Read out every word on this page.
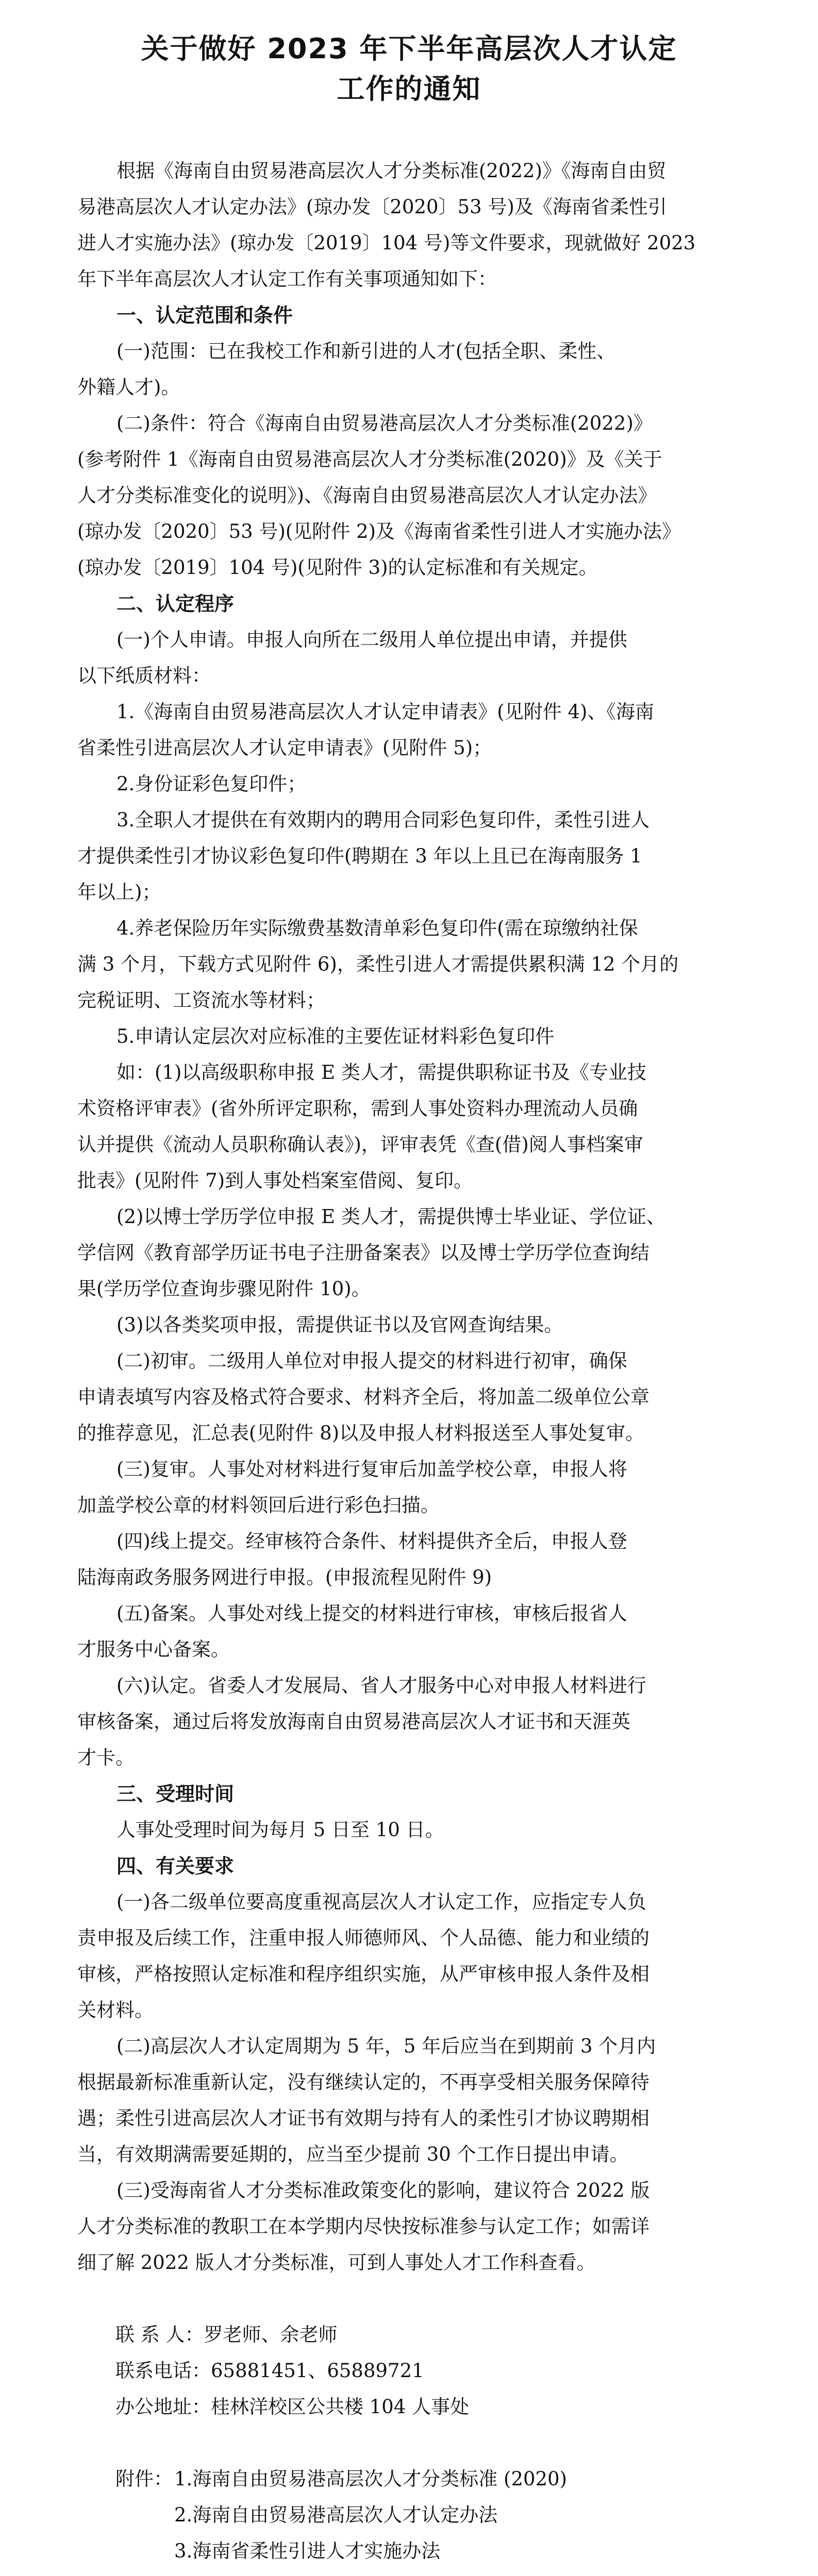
关于做好 2023 年下半年高层次人才认定
工作的通知
根据《海南自由贸易港高层次人才分类标准(2022)》《海南自由贸
易港高层次人才认定办法》(琼办发〔2020〕53 号)及《海南省柔性引
进人才实施办法》(琼办发〔2019〕104 号)等文件要求，现就做好 2023
年下半年高层次人才认定工作有关事项通知如下：
一、认定范围和条件
(一)范围：已在我校工作和新引进的人才(包括全职、柔性、
外籍人才)。
(二)条件：符合《海南自由贸易港高层次人才分类标准(2022)》
(参考附件 1《海南自由贸易港高层次人才分类标准(2020)》及《关于
人才分类标准变化的说明》)、《海南自由贸易港高层次人才认定办法》
(琼办发〔2020〕53 号)(见附件 2)及《海南省柔性引进人才实施办法》
(琼办发〔2019〕104 号)(见附件 3)的认定标准和有关规定。
二、认定程序
(一)个人申请。申报人向所在二级用人单位提出申请，并提供
以下纸质材料：
1.《海南自由贸易港高层次人才认定申请表》(见附件 4)、《海南
省柔性引进高层次人才认定申请表》(见附件 5)；
2.身份证彩色复印件；
3.全职人才提供在有效期内的聘用合同彩色复印件，柔性引进人
才提供柔性引才协议彩色复印件(聘期在 3 年以上且已在海南服务 1
年以上)；
4.养老保险历年实际缴费基数清单彩色复印件(需在琼缴纳社保
满 3 个月，下载方式见附件 6)，柔性引进人才需提供累积满 12 个月的
完税证明、工资流水等材料；
5.申请认定层次对应标准的主要佐证材料彩色复印件
如：(1)以高级职称申报 E 类人才，需提供职称证书及《专业技
术资格评审表》(省外所评定职称，需到人事处资料办理流动人员确
认并提供《流动人员职称确认表》)，评审表凭《查(借)阅人事档案审
批表》(见附件 7)到人事处档案室借阅、复印。
(2)以博士学历学位申报 E 类人才，需提供博士毕业证、学位证、
学信网《教育部学历证书电子注册备案表》以及博士学历学位查询结
果(学历学位查询步骤见附件 10)。
(3)以各类奖项申报，需提供证书以及官网查询结果。
(二)初审。二级用人单位对申报人提交的材料进行初审，确保
申请表填写内容及格式符合要求、材料齐全后，将加盖二级单位公章
的推荐意见，汇总表(见附件 8)以及申报人材料报送至人事处复审。
(三)复审。人事处对材料进行复审后加盖学校公章，申报人将
加盖学校公章的材料领回后进行彩色扫描。
(四)线上提交。经审核符合条件、材料提供齐全后，申报人登
陆海南政务服务网进行申报。(申报流程见附件 9)
(五)备案。人事处对线上提交的材料进行审核，审核后报省人
才服务中心备案。
(六)认定。省委人才发展局、省人才服务中心对申报人材料进行
审核备案，通过后将发放海南自由贸易港高层次人才证书和天涯英
才卡。
三、受理时间
人事处受理时间为每月 5 日至 10 日。
四、有关要求
(一)各二级单位要高度重视高层次人才认定工作，应指定专人负
责申报及后续工作，注重申报人师德师风、个人品德、能力和业绩的
审核，严格按照认定标准和程序组织实施，从严审核申报人条件及相
关材料。
(二)高层次人才认定周期为 5 年，5 年后应当在到期前 3 个月内
根据最新标准重新认定，没有继续认定的，不再享受相关服务保障待
遇；柔性引进高层次人才证书有效期与持有人的柔性引才协议聘期相
当，有效期满需要延期的，应当至少提前 30 个工作日提出申请。
(三)受海南省人才分类标准政策变化的影响，建议符合 2022 版
人才分类标准的教职工在本学期内尽快按标准参与认定工作；如需详
细了解 2022 版人才分类标准，可到人事处人才工作科查看。
联 系 人：罗老师、余老师
联系电话：65881451、65889721
办公地址：桂林洋校区公共楼 104 人事处
附件： 1.海南自由贸易港高层次人才分类标准 (2020)
2.海南自由贸易港高层次人才认定办法
3.海南省柔性引进人才实施办法
